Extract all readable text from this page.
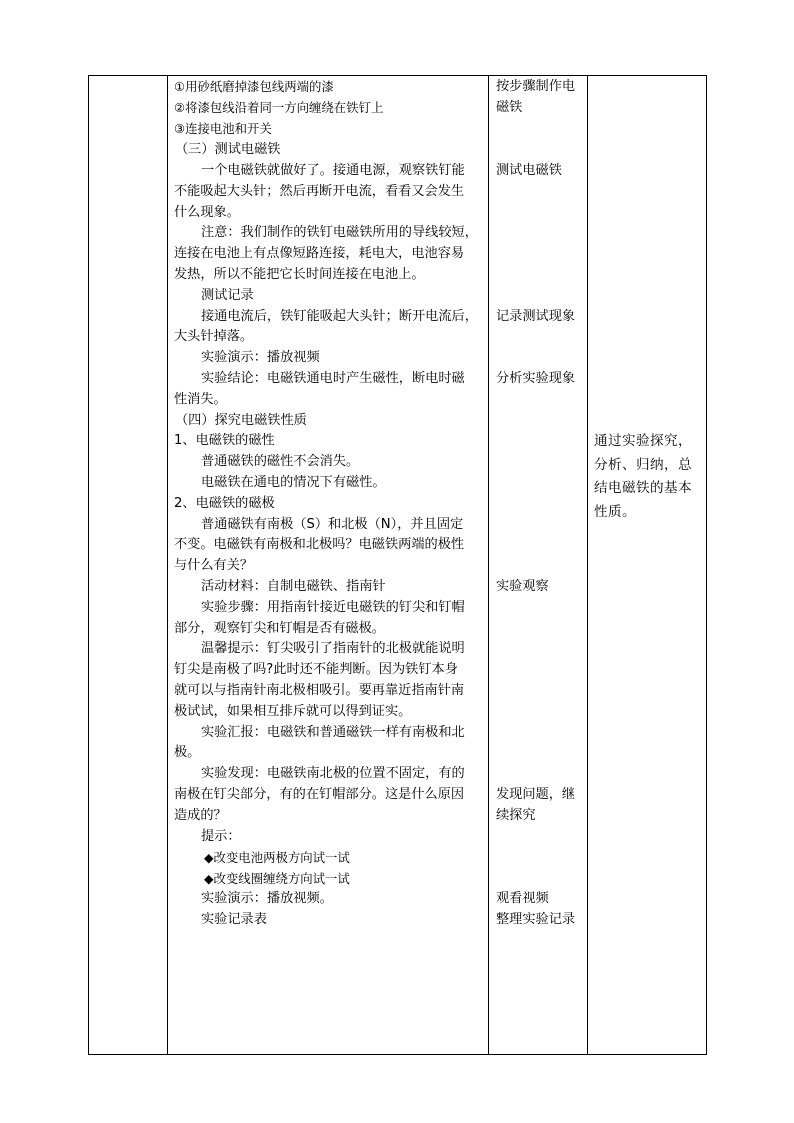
①用砂纸磨掉漆包线两端的漆
②将漆包线沿着同一方向缠绕在铁钉上
③连接电池和开关
（三）测试电磁铁
一个电磁铁就做好了。接通电源，观察铁钉能
不能吸起大头针；然后再断开电流，看看又会发生
什么现象。
注意：我们制作的铁钉电磁铁所用的导线较短，
连接在电池上有点像短路连接，耗电大，电池容易
发热，所以不能把它长时间连接在电池上。
测试记录
接通电流后，铁钉能吸起大头针；断开电流后，
大头针掉落。
实验演示：播放视频
实验结论：电磁铁通电时产生磁性，断电时磁
性消失。
（四）探究电磁铁性质
1、电磁铁的磁性
普通磁铁的磁性不会消失。
电磁铁在通电的情况下有磁性。
2、电磁铁的磁极
普通磁铁有南极（S）和北极（N），并且固定
不变。电磁铁有南极和北极吗？电磁铁两端的极性
与什么有关？
活动材料：自制电磁铁、指南针
实验步骤：用指南针接近电磁铁的钉尖和钉帽
部分，观察钉尖和钉帽是否有磁极。
温馨提示：钉尖吸引了指南针的北极就能说明
钉尖是南极了吗?此时还不能判断。因为铁钉本身
就可以与指南针南北极相吸引。要再靠近指南针南
极试试，如果相互排斥就可以得到证实。
实验汇报：电磁铁和普通磁铁一样有南极和北
极。
实验发现：电磁铁南北极的位置不固定，有的
南极在钉尖部分，有的在钉帽部分。这是什么原因
造成的？
提示：
◆改变电池两极方向试一试
◆改变线圈缠绕方向试一试
实验演示：播放视频。
实验记录表
按步骤制作电
磁铁
测试电磁铁
记录测试现象
分析实验现象
实验观察
发现问题，继
续探究
观看视频
整理实验记录
通过实验探究，分析、归纳，总结电磁铁的基本性质。
